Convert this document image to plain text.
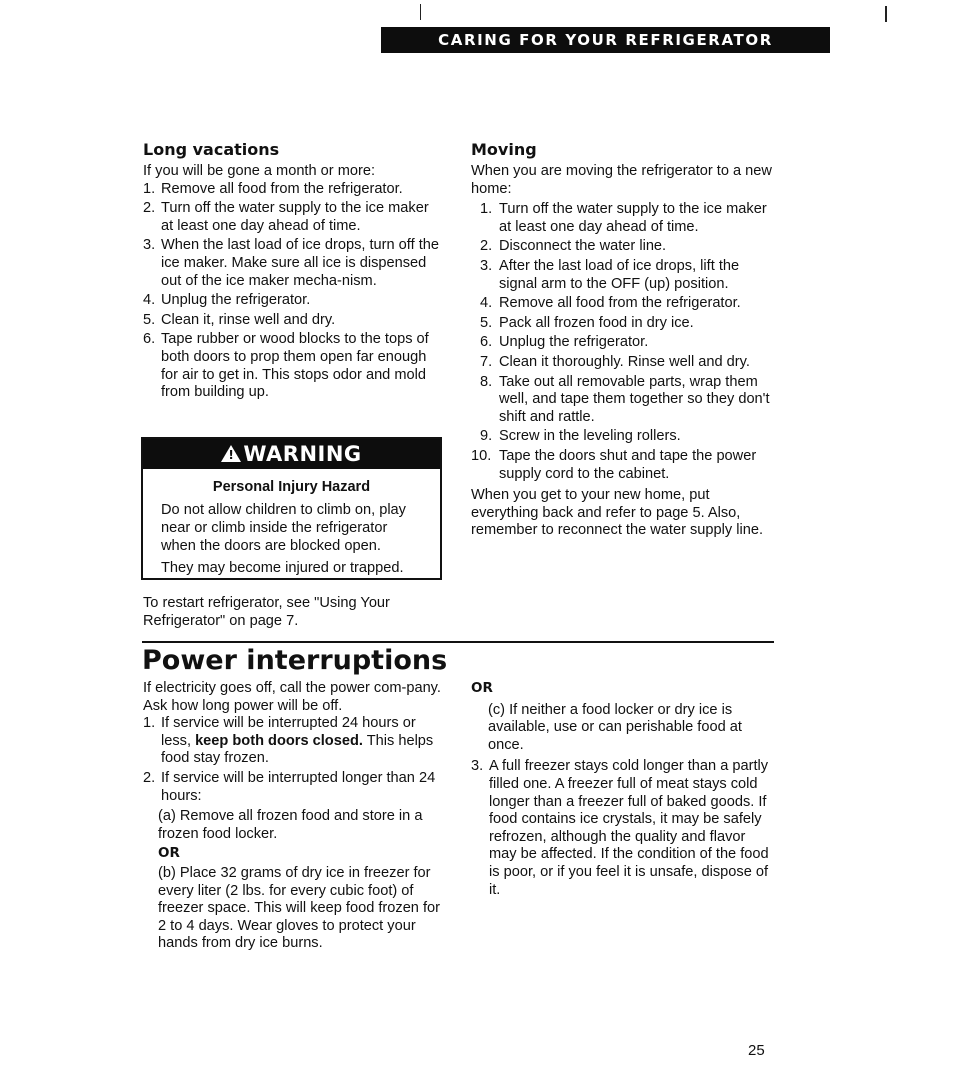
CARING FOR YOUR REFRIGERATOR
Long vacations

If you will be gone a month or more:

1. Remove all food from the refrigerator.
2. Turn off the water supply to the ice maker at least one day ahead of time.
3. When the last load of ice drops, turn off the ice maker. Make sure all ice is dispensed out of the ice maker mecha-nism.
4. Unplug the refrigerator.
5. Clean it, rinse well and dry.
6. Tape rubber or wood blocks to the tops of both doors to prop them open far enough for air to get in. This stops odor and mold from building up.
!WARNING
Personal Injury Hazard

Do not allow children to climb on, play near or climb inside the refrigerator when the doors are blocked open.

They may become injured or trapped.

To restart refrigerator, see "Using Your Refrigerator" on page 7.
Moving

When you are moving the refrigerator to a new home:

1. Turn off the water supply to the ice maker at least one day ahead of time.
2. Disconnect the water line.
3. After the last load of ice drops, lift the signal arm to the OFF (up) position.
4. Remove all food from the refrigerator.
5. Pack all frozen food in dry ice.
6. Unplug the refrigerator.
7. Clean it thoroughly. Rinse well and dry.
8. Take out all removable parts, wrap them well, and tape them together so they don't shift and rattle.
9. Screw in the leveling rollers.
10. Tape the doors shut and tape the power supply cord to the cabinet.

When you get to your new home, put everything back and refer to page 5. Also, remember to reconnect the water supply line.

Power interruptions

If electricity goes off, call the power com-pany. Ask how long power will be off.

1. If service will be interrupted 24 hours or less, keep both doors closed. This helps food stay frozen.
2. If service will be interrupted longer than 24 hours:
(a) Remove all frozen food and store in a frozen food locker.
OR
(b) Place 32 grams of dry ice in freezer for every liter (2 lbs. for every cubic foot) of freezer space. This will keep food frozen for 2 to 4 days. Wear gloves to protect your hands from dry ice burns.
OR
(c) If neither a food locker or dry ice is available, use or can perishable food at once.
3. A full freezer stays cold longer than a partly filled one. A freezer full of meat stays cold longer than a freezer full of baked goods. If food contains ice crystals, it may be safely refrozen, although the quality and flavor may be affected. If the condition of the food is poor, or if you feel it is unsafe, dispose of it.
25
